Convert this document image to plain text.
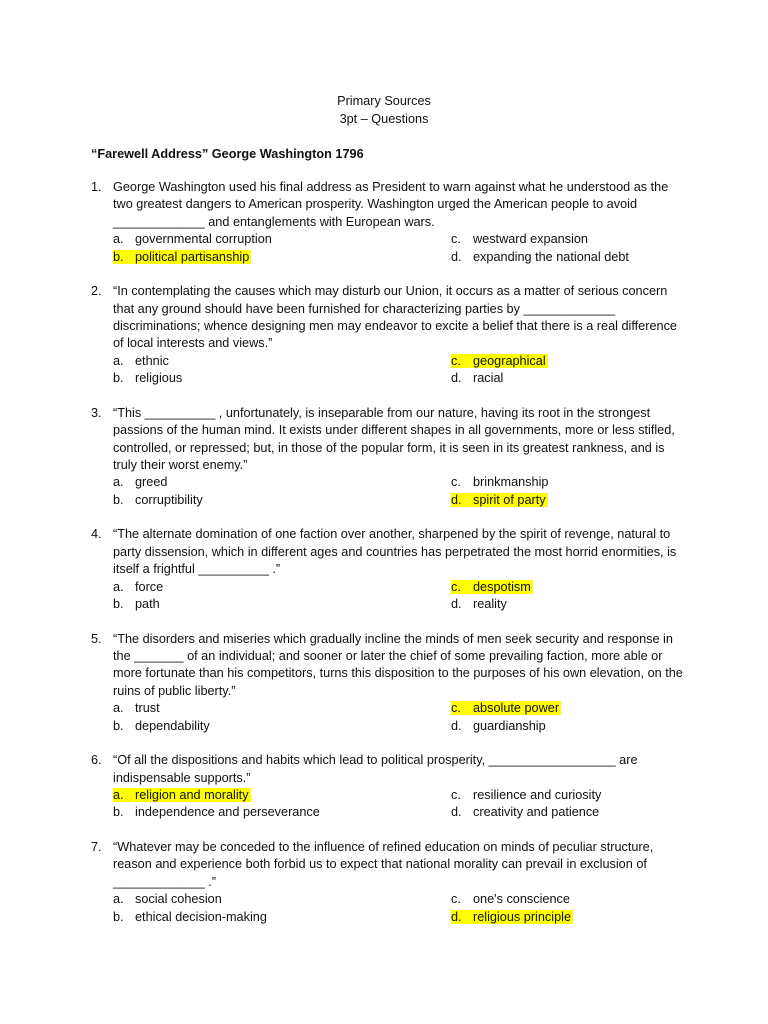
Primary Sources
3pt – Questions
“Farewell Address” George Washington 1796
1. George Washington used his final address as President to warn against what he understood as the two greatest dangers to American prosperity. Washington urged the American people to avoid _____________ and entanglements with European wars.
a. governmental corruption	c. westward expansion
b. political partisanship	d. expanding the national debt
2. “In contemplating the causes which may disturb our Union, it occurs as a matter of serious concern that any ground should have been furnished for characterizing parties by _____________ discriminations; whence designing men may endeavor to excite a belief that there is a real difference of local interests and views.”
a. ethnic	c. geographical
b. religious	d. racial
3. “This __________ , unfortunately, is inseparable from our nature, having its root in the strongest passions of the human mind. It exists under different shapes in all governments, more or less stifled, controlled, or repressed; but, in those of the popular form, it is seen in its greatest rankness, and is truly their worst enemy.”
a. greed	c. brinkmanship
b. corruptibility	d. spirit of party
4. “The alternate domination of one faction over another, sharpened by the spirit of revenge, natural to party dissension, which in different ages and countries has perpetrated the most horrid enormities, is itself a frightful __________ .”
a. force	c. despotism
b. path	d. reality
5. “The disorders and miseries which gradually incline the minds of men seek security and response in the _______ of an individual; and sooner or later the chief of some prevailing faction, more able or more fortunate than his competitors, turns this disposition to the purposes of his own elevation, on the ruins of public liberty.”
a. trust	c. absolute power
b. dependability	d. guardianship
6. “Of all the dispositions and habits which lead to political prosperity, __________________ are indispensable supports.”
a. religion and morality	c. resilience and curiosity
b. independence and perseverance	d. creativity and patience
7. “Whatever may be conceded to the influence of refined education on minds of peculiar structure, reason and experience both forbid us to expect that national morality can prevail in exclusion of _____________ .”
a. social cohesion	c. one's conscience
b. ethical decision-making	d. religious principle
